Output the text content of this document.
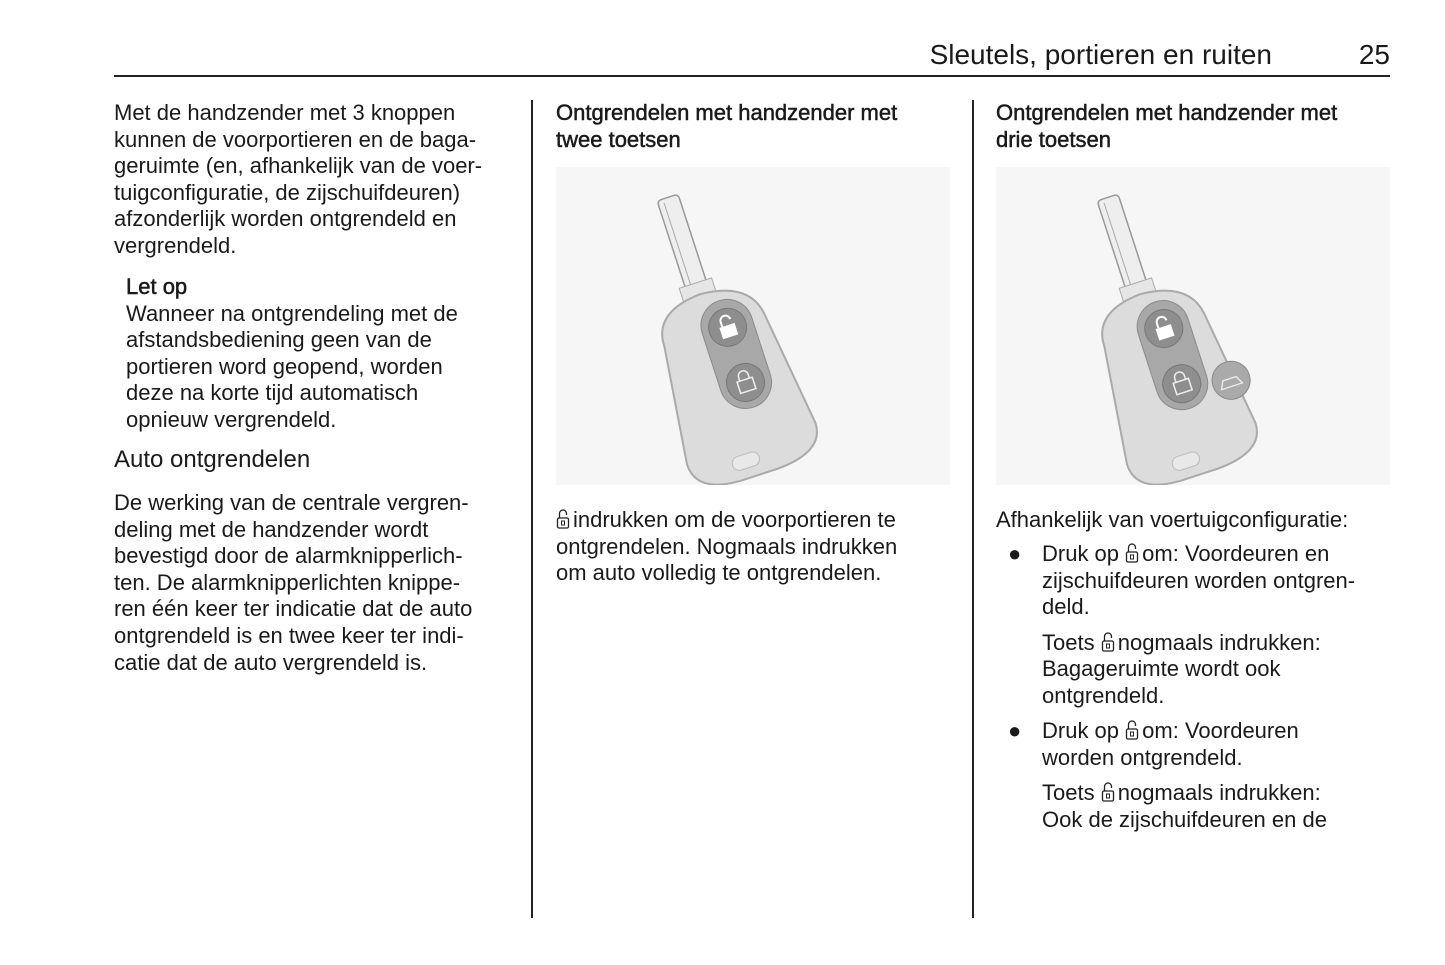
Sleutels, portieren en ruiten	25
Met de handzender met 3 knoppen
kunnen de voorportieren en de baga-
geruimte (en, afhankelijk van de voer-
tuigconfiguratie, de zijschuifdeuren)
afzonderlijk worden ontgrendeld en
vergrendeld.
Let op
Wanneer na ontgrendeling met de
afstandsbediening geen van de
portieren word geopend, worden
deze na korte tijd automatisch
opnieuw vergrendeld.
Auto ontgrendelen
De werking van de centrale vergren-
deling met de handzender wordt
bevestigd door de alarmknipperlich-
ten. De alarmknipperlichten knippe-
ren één keer ter indicatie dat de auto
ontgrendeld is en twee keer ter indi-
catie dat de auto vergrendeld is.
Ontgrendelen met handzender met
twee toetsen
indrukken om de voorportieren te
ontgrendelen. Nogmaals indrukken
om auto volledig te ontgrendelen.
Ontgrendelen met handzender met
drie toetsen
Afhankelijk van voertuigconfiguratie:
● Druk op om: Voordeuren en
zijschuifdeuren worden ontgren-
deld.
Toets nogmaals indrukken:
Bagageruimte wordt ook
ontgrendeld.
● Druk op om: Voordeuren
worden ontgrendeld.
Toets nogmaals indrukken:
Ook de zijschuifdeuren en de
